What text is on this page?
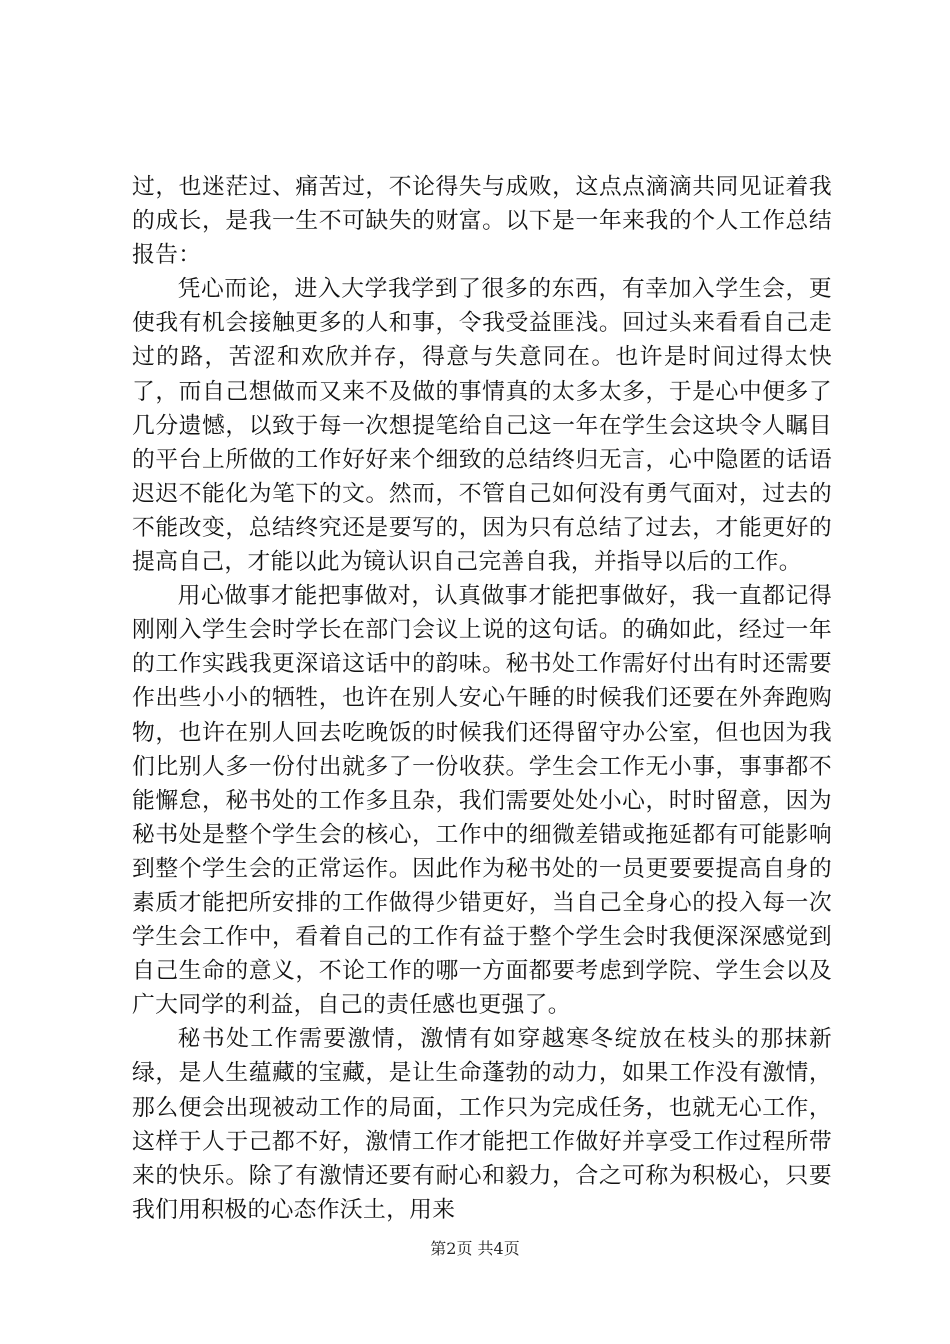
过，也迷茫过、痛苦过，不论得失与成败，这点点滴滴共同见证着我的成长，是我一生不可缺失的财富。以下是一年来我的个人工作总结报告：

凭心而论，进入大学我学到了很多的东西，有幸加入学生会，更使我有机会接触更多的人和事，令我受益匪浅。回过头来看看自己走过的路，苦涩和欢欣并存，得意与失意同在。也许是时间过得太快了，而自己想做而又来不及做的事情真的太多太多，于是心中便多了几分遗憾，以致于每一次想提笔给自己这一年在学生会这块令人瞩目的平台上所做的工作好好来个细致的总结终归无言，心中隐匿的话语迟迟不能化为笔下的文。然而，不管自己如何没有勇气面对，过去的不能改变，总结终究还是要写的，因为只有总结了过去，才能更好的提高自己，才能以此为镜认识自己完善自我，并指导以后的工作。

用心做事才能把事做对，认真做事才能把事做好，我一直都记得刚刚入学生会时学长在部门会议上说的这句话。的确如此，经过一年的工作实践我更深谙这话中的韵味。秘书处工作需好付出有时还需要作出些小小的牺牲，也许在别人安心午睡的时候我们还要在外奔跑购物，也许在别人回去吃晚饭的时候我们还得留守办公室，但也因为我们比别人多一份付出就多了一份收获。学生会工作无小事，事事都不能懈怠，秘书处的工作多且杂，我们需要处处小心，时时留意，因为秘书处是整个学生会的核心，工作中的细微差错或拖延都有可能影响到整个学生会的正常运作。因此作为秘书处的一员更要要提高自身的素质才能把所安排的工作做得少错更好，当自己全身心的投入每一次学生会工作中，看着自己的工作有益于整个学生会时我便深深感觉到自己生命的意义，不论工作的哪一方面都要考虑到学院、学生会以及广大同学的利益，自己的责任感也更强了。

秘书处工作需要激情，激情有如穿越寒冬绽放在枝头的那抹新绿，是人生蕴藏的宝藏，是让生命蓬勃的动力，如果工作没有激情，那么便会出现被动工作的局面，工作只为完成任务，也就无心工作，这样于人于己都不好，激情工作才能把工作做好并享受工作过程所带来的快乐。除了有激情还要有耐心和毅力，合之可称为积极心，只要我们用积极的心态作沃土，用来

第2页 共4页
